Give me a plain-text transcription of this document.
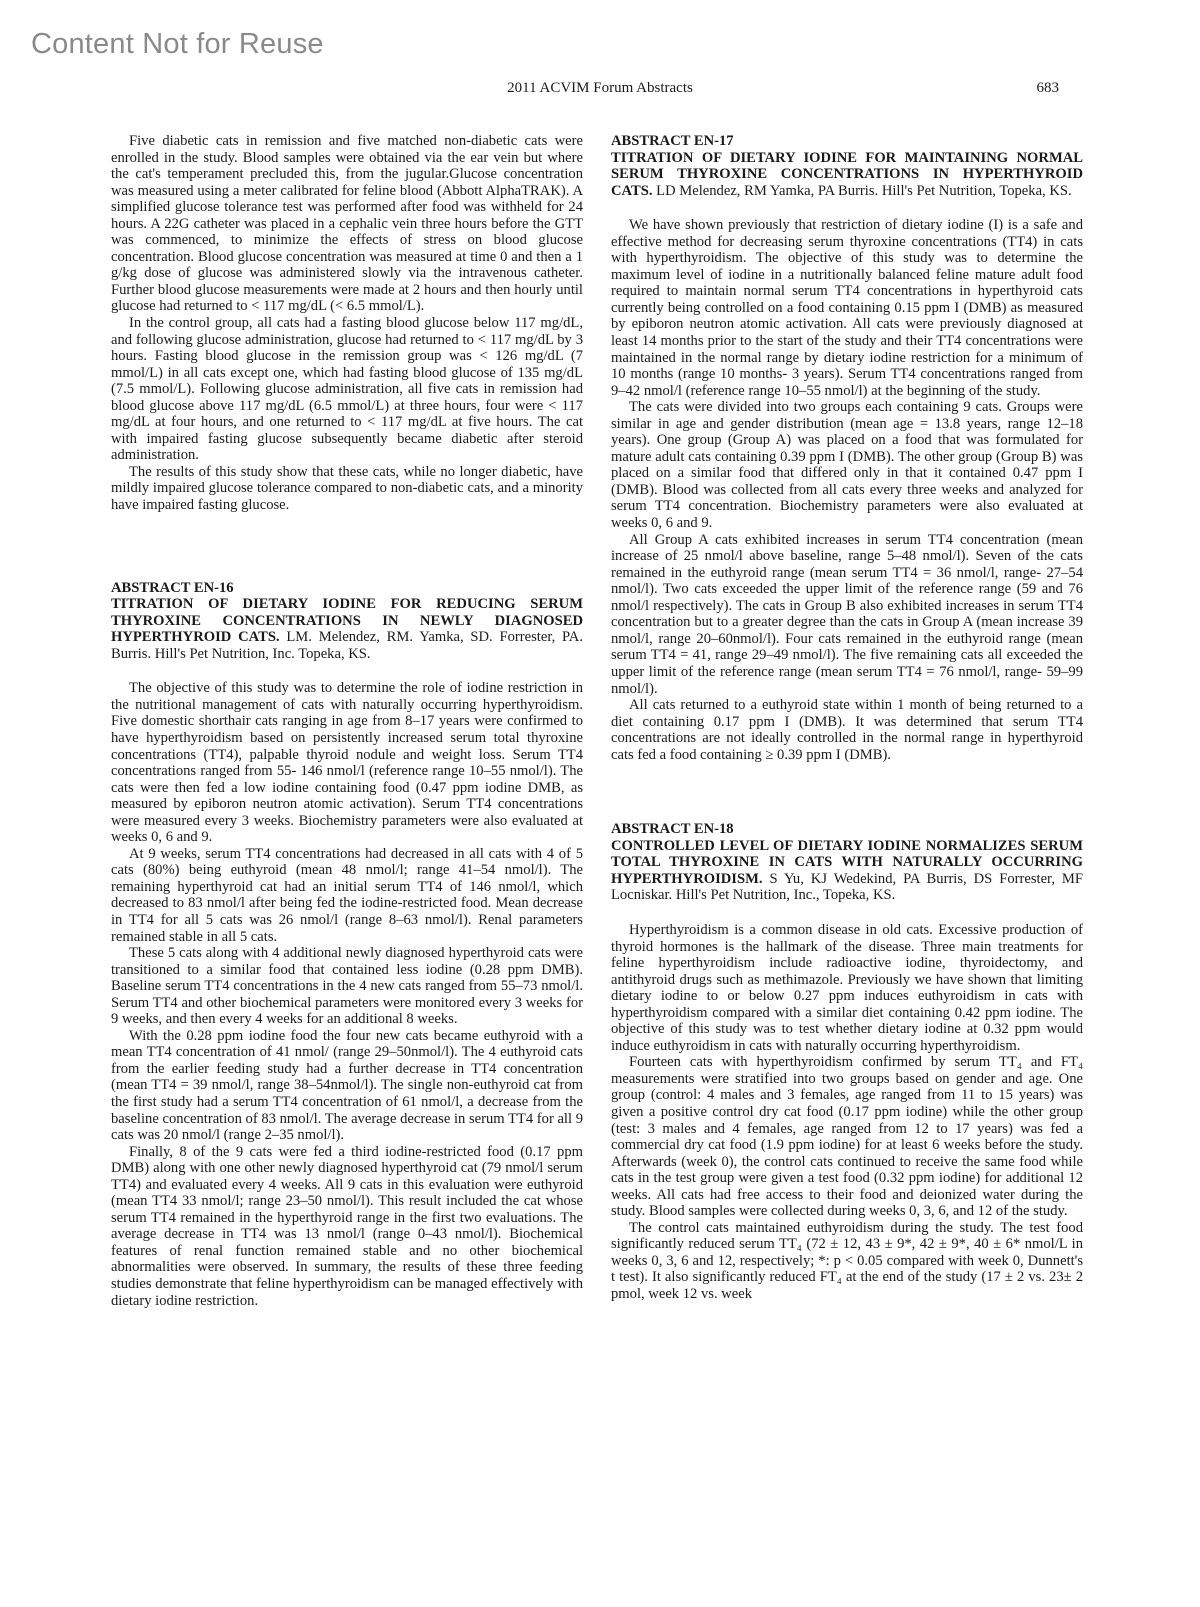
Content Not for Reuse
2011 ACVIM Forum Abstracts	683

Five diabetic cats in remission and five matched non-diabetic cats were enrolled in the study. Blood samples were obtained via the ear vein but where the cat's temperament precluded this, from the jugular.Glucose concentration was measured using a meter calibrated for feline blood (Abbott AlphaTRAK). A simplified glucose tolerance test was performed after food was withheld for 24 hours. A 22G catheter was placed in a cephalic vein three hours before the GTT was commenced, to minimize the effects of stress on blood glucose concentration. Blood glucose concentration was measured at time 0 and then a 1 g/kg dose of glucose was administered slowly via the intravenous catheter. Further blood glucose measurements were made at 2 hours and then hourly until glucose had returned to < 117 mg/dL (< 6.5 mmol/L).

In the control group, all cats had a fasting blood glucose below 117 mg/dL, and following glucose administration, glucose had returned to < 117 mg/dL by 3 hours. Fasting blood glucose in the remission group was < 126 mg/dL (7 mmol/L) in all cats except one, which had fasting blood glucose of 135 mg/dL (7.5 mmol/L). Following glucose administration, all five cats in remission had blood glucose above 117 mg/dL (6.5 mmol/L) at three hours, four were < 117 mg/dL at four hours, and one returned to < 117 mg/dL at five hours. The cat with impaired fasting glucose subsequently became diabetic after steroid administration.

The results of this study show that these cats, while no longer diabetic, have mildly impaired glucose tolerance compared to non-diabetic cats, and a minority have impaired fasting glucose.

ABSTRACT EN-16

TITRATION OF DIETARY IODINE FOR REDUCING SERUM THYROXINE CONCENTRATIONS IN NEWLY DIAGNOSED HYPERTHYROID CATS. LM. Melendez, RM. Yamka, SD. Forrester, PA. Burris. Hill's Pet Nutrition, Inc. Topeka, KS.

The objective of this study was to determine the role of iodine restriction in the nutritional management of cats with naturally occurring hyperthyroidism. Five domestic shorthair cats ranging in age from 8–17 years were confirmed to have hyperthyroidism based on persistently increased serum total thyroxine concentrations (TT4), palpable thyroid nodule and weight loss. Serum TT4 concentrations ranged from 55- 146 nmol/l (reference range 10–55 nmol/l). The cats were then fed a low iodine containing food (0.47 ppm iodine DMB, as measured by epiboron neutron atomic activation). Serum TT4 concentrations were measured every 3 weeks. Biochemistry parameters were also evaluated at weeks 0, 6 and 9.

At 9 weeks, serum TT4 concentrations had decreased in all cats with 4 of 5 cats (80%) being euthyroid (mean 48 nmol/l; range 41–54 nmol/l). The remaining hyperthyroid cat had an initial serum TT4 of 146 nmol/l, which decreased to 83 nmol/l after being fed the iodine-restricted food. Mean decrease in TT4 for all 5 cats was 26 nmol/l (range 8–63 nmol/l). Renal parameters remained stable in all 5 cats.

These 5 cats along with 4 additional newly diagnosed hyperthyroid cats were transitioned to a similar food that contained less iodine (0.28 ppm DMB). Baseline serum TT4 concentrations in the 4 new cats ranged from 55–73 nmol/l. Serum TT4 and other biochemical parameters were monitored every 3 weeks for 9 weeks, and then every 4 weeks for an additional 8 weeks.

With the 0.28 ppm iodine food the four new cats became euthyroid with a mean TT4 concentration of 41 nmol/ (range 29–50nmol/l). The 4 euthyroid cats from the earlier feeding study had a further decrease in TT4 concentration (mean TT4 = 39 nmol/l, range 38–54nmol/l). The single non-euthyroid cat from the first study had a serum TT4 concentration of 61 nmol/l, a decrease from the baseline concentration of 83 nmol/l. The average decrease in serum TT4 for all 9 cats was 20 nmol/l (range 2–35 nmol/l).

Finally, 8 of the 9 cats were fed a third iodine-restricted food (0.17 ppm DMB) along with one other newly diagnosed hyperthyroid cat (79 nmol/l serum TT4) and evaluated every 4 weeks. All 9 cats in this evaluation were euthyroid (mean TT4 33 nmol/l; range 23–50 nmol/l). This result included the cat whose serum TT4 remained in the hyperthyroid range in the first two evaluations. The average decrease in TT4 was 13 nmol/l (range 0–43 nmol/l). Biochemical features of renal function remained stable and no other biochemical abnormalities were observed. In summary, the results of these three feeding studies demonstrate that feline hyperthyroidism can be managed effectively with dietary iodine restriction.

ABSTRACT EN-17

TITRATION OF DIETARY IODINE FOR MAINTAINING NORMAL SERUM THYROXINE CONCENTRATIONS IN HYPERTHYROID CATS. LD Melendez, RM Yamka, PA Burris. Hill's Pet Nutrition, Topeka, KS.

We have shown previously that restriction of dietary iodine (I) is a safe and effective method for decreasing serum thyroxine concentrations (TT4) in cats with hyperthyroidism. The objective of this study was to determine the maximum level of iodine in a nutritionally balanced feline mature adult food required to maintain normal serum TT4 concentrations in hyperthyroid cats currently being controlled on a food containing 0.15 ppm I (DMB) as measured by epiboron neutron atomic activation. All cats were previously diagnosed at least 14 months prior to the start of the study and their TT4 concentrations were maintained in the normal range by dietary iodine restriction for a minimum of 10 months (range 10 months- 3 years). Serum TT4 concentrations ranged from 9–42 nmol/l (reference range 10–55 nmol/l) at the beginning of the study.

The cats were divided into two groups each containing 9 cats. Groups were similar in age and gender distribution (mean age = 13.8 years, range 12–18 years). One group (Group A) was placed on a food that was formulated for mature adult cats containing 0.39 ppm I (DMB). The other group (Group B) was placed on a similar food that differed only in that it contained 0.47 ppm I (DMB). Blood was collected from all cats every three weeks and analyzed for serum TT4 concentration. Biochemistry parameters were also evaluated at weeks 0, 6 and 9.

All Group A cats exhibited increases in serum TT4 concentration (mean increase of 25 nmol/l above baseline, range 5–48 nmol/l). Seven of the cats remained in the euthyroid range (mean serum TT4 = 36 nmol/l, range- 27–54 nmol/l). Two cats exceeded the upper limit of the reference range (59 and 76 nmol/l respectively). The cats in Group B also exhibited increases in serum TT4 concentration but to a greater degree than the cats in Group A (mean increase 39 nmol/l, range 20–60nmol/l). Four cats remained in the euthyroid range (mean serum TT4 = 41, range 29–49 nmol/l). The five remaining cats all exceeded the upper limit of the reference range (mean serum TT4 = 76 nmol/l, range- 59–99 nmol/l).

All cats returned to a euthyroid state within 1 month of being returned to a diet containing 0.17 ppm I (DMB). It was determined that serum TT4 concentrations are not ideally controlled in the normal range in hyperthyroid cats fed a food containing ≥ 0.39 ppm I (DMB).

ABSTRACT EN-18

CONTROLLED LEVEL OF DIETARY IODINE NORMALIZES SERUM TOTAL THYROXINE IN CATS WITH NATURALLY OCCURRING HYPERTHYROIDISM. S Yu, KJ Wedekind, PA Burris, DS Forrester, MF Locniskar. Hill's Pet Nutrition, Inc., Topeka, KS.

Hyperthyroidism is a common disease in old cats. Excessive production of thyroid hormones is the hallmark of the disease. Three main treatments for feline hyperthyroidism include radioactive iodine, thyroidectomy, and antithyroid drugs such as methimazole. Previously we have shown that limiting dietary iodine to or below 0.27 ppm induces euthyroidism in cats with hyperthyroidism compared with a similar diet containing 0.42 ppm iodine. The objective of this study was to test whether dietary iodine at 0.32 ppm would induce euthyroidism in cats with naturally occurring hyperthyroidism.

Fourteen cats with hyperthyroidism confirmed by serum TT₄ and FT₄ measurements were stratified into two groups based on gender and age. One group (control: 4 males and 3 females, age ranged from 11 to 15 years) was given a positive control dry cat food (0.17 ppm iodine) while the other group (test: 3 males and 4 females, age ranged from 12 to 17 years) was fed a commercial dry cat food (1.9 ppm iodine) for at least 6 weeks before the study. Afterwards (week 0), the control cats continued to receive the same food while cats in the test group were given a test food (0.32 ppm iodine) for additional 12 weeks. All cats had free access to their food and deionized water during the study. Blood samples were collected during weeks 0, 3, 6, and 12 of the study.

The control cats maintained euthyroidism during the study. The test food significantly reduced serum TT₄ (72 ± 12, 43 ± 9*, 42 ± 9*, 40 ± 6* nmol/L in weeks 0, 3, 6 and 12, respectively; *: p < 0.05 compared with week 0, Dunnett's t test). It also significantly reduced FT₄ at the end of the study (17 ± 2 vs. 23± 2 pmol, week 12 vs. week
